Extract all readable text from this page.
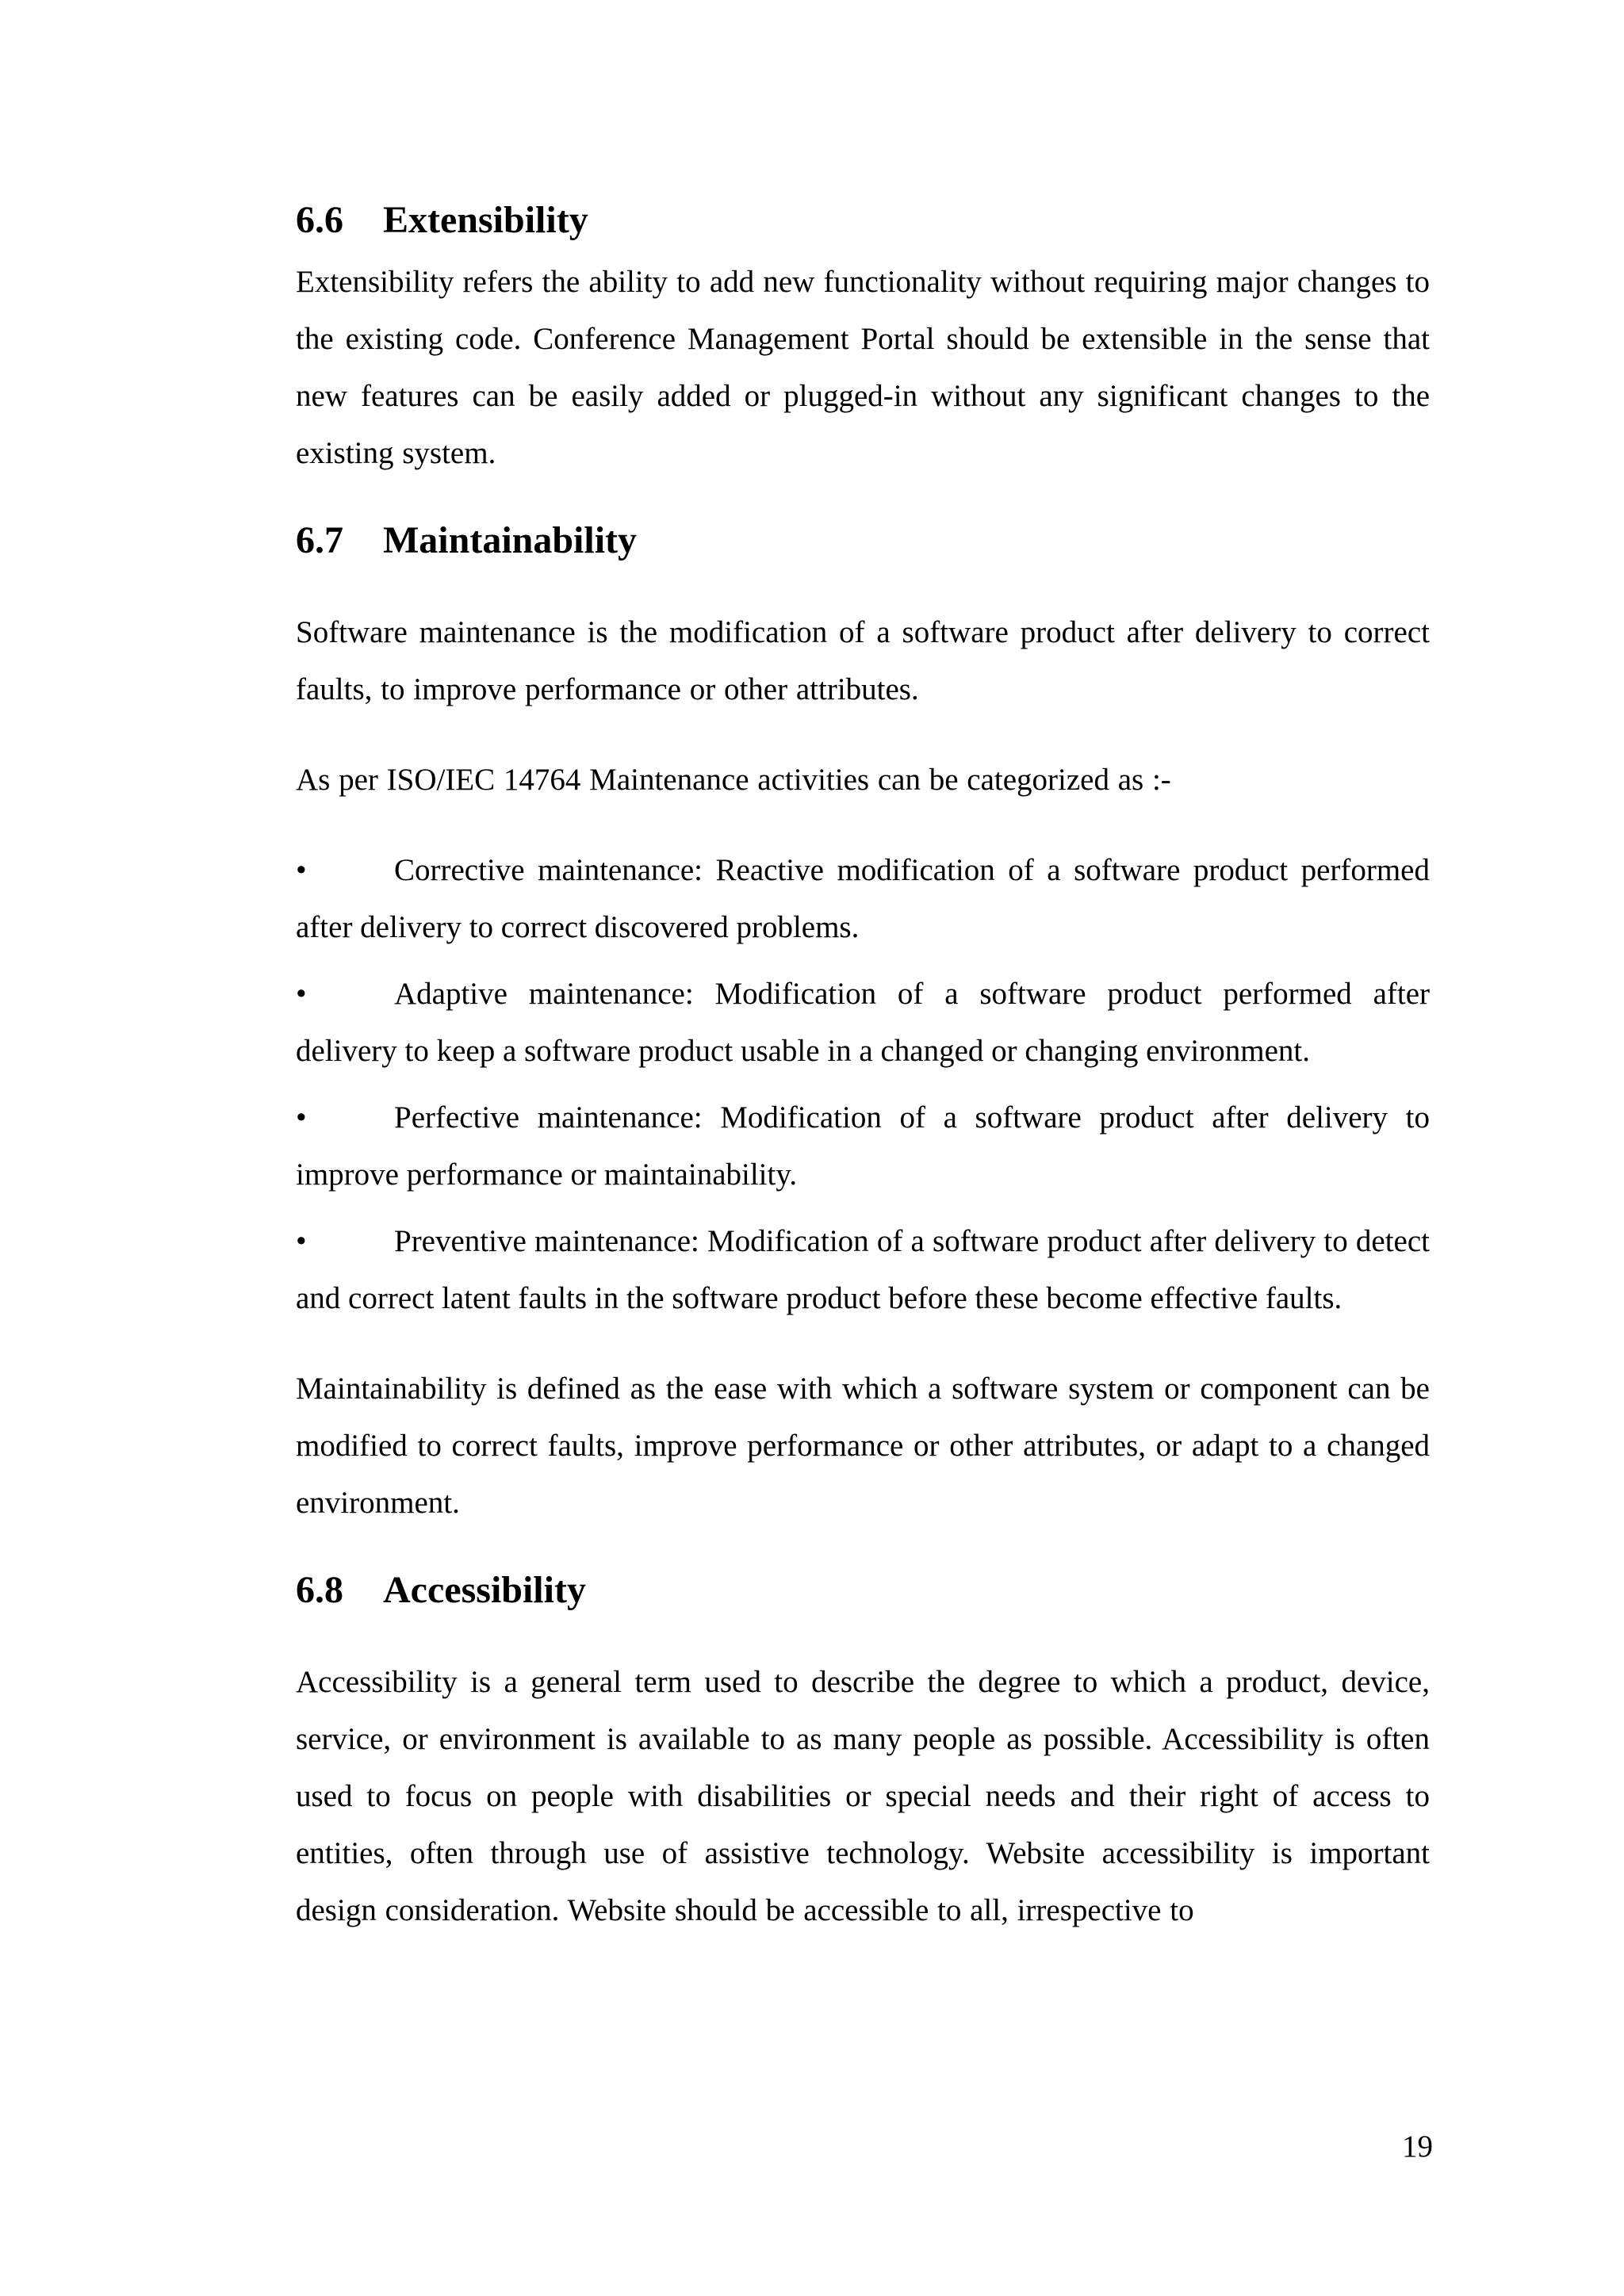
6.6	Extensibility

Extensibility refers the ability to add new functionality without requiring major changes to the existing code. Conference Management Portal should be extensible in the sense that new features can be easily added or plugged-in without any significant changes to the existing system.

6.7	Maintainability

Software maintenance is the modification of a software product after delivery to correct faults, to improve performance or other attributes.

As per ISO/IEC 14764 Maintenance activities can be categorized as :-

•	Corrective maintenance: Reactive modification of a software product performed after delivery to correct discovered problems.

•	Adaptive maintenance: Modification of a software product performed after delivery to keep a software product usable in a changed or changing environment.

•	Perfective maintenance: Modification of a software product after delivery to improve performance or maintainability.

•	Preventive maintenance: Modification of a software product after delivery to detect and correct latent faults in the software product before these become effective faults.

Maintainability is defined as the ease with which a software system or component can be modified to correct faults, improve performance or other attributes, or adapt to a changed environment.

6.8	Accessibility

Accessibility is a general term used to describe the degree to which a product, device, service, or environment is available to as many people as possible. Accessibility is often used to focus on people with disabilities or special needs and their right of access to entities, often through use of assistive technology. Website accessibility is important design consideration. Website should be accessible to all, irrespective to

19
